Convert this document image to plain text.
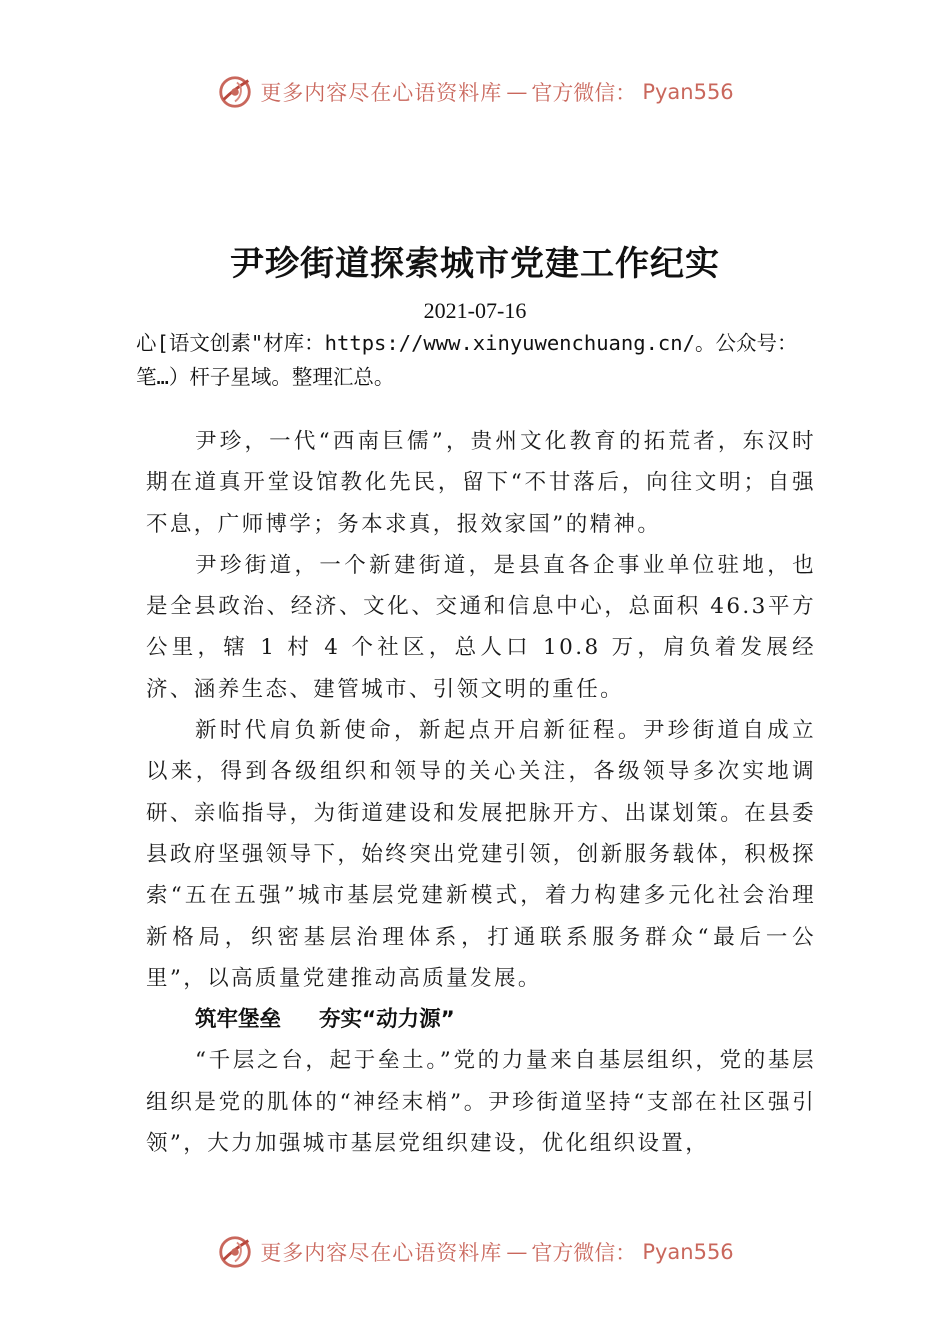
更多内容尽在心语资料库 — 官方微信： Pyan556
尹珍街道探索城市党建工作纪实
2021-07-16
心[语文创素"材库：https://www.xinyuwenchuang.cn/。公众号：笔…）杆子星域。整理汇总。

尹珍，一代“西南巨儒”，贵州文化教育的拓荒者，东汉时期在道真开堂设馆教化先民，留下“不甘落后，向往文明；自强不息，广师博学；务本求真，报效家国”的精神。

尹珍街道，一个新建街道，是县直各企事业单位驻地，也是全县政治、经济、文化、交通和信息中心，总面积 46.3平方公里，辖 1 村 4 个社区，总人口 10.8 万，肩负着发展经济、涵养生态、建管城市、引领文明的重任。

新时代肩负新使命，新起点开启新征程。尹珍街道自成立以来，得到各级组织和领导的关心关注，各级领导多次实地调研、亲临指导，为街道建设和发展把脉开方、出谋划策。在县委县政府坚强领导下，始终突出党建引领，创新服务载体，积极探索“五在五强”城市基层党建新模式，着力构建多元化社会治理新格局，织密基层治理体系，打通联系服务群众“最后一公里”，以高质量党建推动高质量发展。

筑牢堡垒 夯实“动力源”

“千层之台，起于垒土。”党的力量来自基层组织，党的基层组织是党的肌体的“神经末梢”。尹珍街道坚持“支部在社区强引领”，大力加强城市基层党组织建设，优化组织设置，

更多内容尽在心语资料库 — 官方微信： Pyan556
